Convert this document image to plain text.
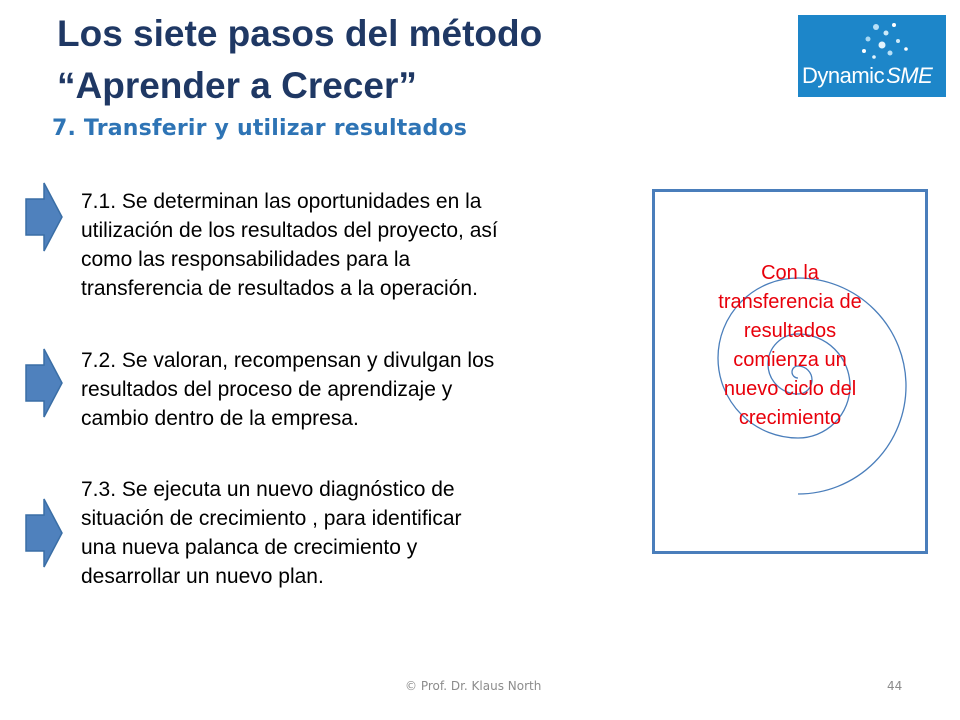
Los siete pasos del método
“Aprender a Crecer”
7. Transferir y utilizar resultados
DynamicSME
7.1. Se determinan las oportunidades en la
utilización de los resultados del proyecto, así
como las responsabilidades para la
transferencia de resultados a la operación.
7.2. Se valoran, recompensan y divulgan los
resultados del proceso de aprendizaje y
cambio dentro de la empresa.
7.3. Se ejecuta un nuevo diagnóstico de
situación de crecimiento , para identificar
una nueva palanca de crecimiento y
desarrollar un nuevo plan.
Con la
transferencia de
resultados
comienza un
nuevo ciclo del
crecimiento
© Prof. Dr. Klaus North	44
